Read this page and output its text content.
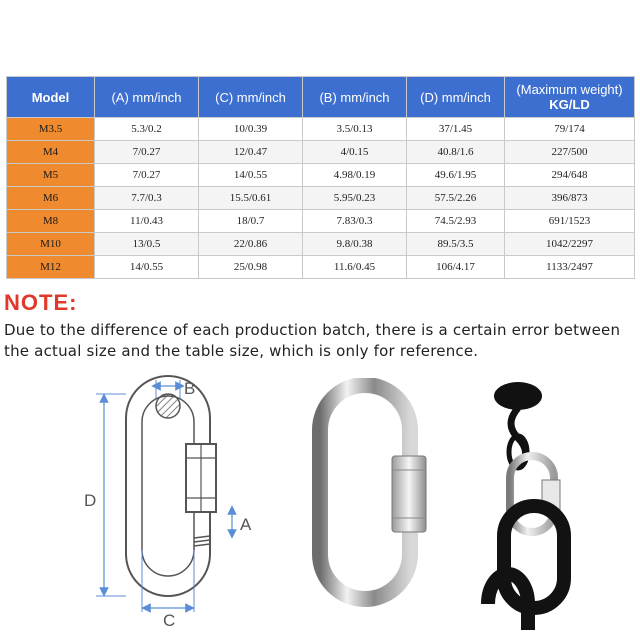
Model	(A) mm/inch	(C) mm/inch	(B) mm/inch	(D) mm/inch	(Maximum weight)
KG/LD

M3.5	5.3/0.2	10/0.39	3.5/0.13	37/1.45	79/174
M4	7/0.27	12/0.47	4/0.15	40.8/1.6	227/500
M5	7/0.27	14/0.55	4.98/0.19	49.6/1.95	294/648
M6	7.7/0.3	15.5/0.61	5.95/0.23	57.5/2.26	396/873
M8	11/0.43	18/0.7	7.83/0.3	74.5/2.93	691/1523
M10	13/0.5	22/0.86	9.8/0.38	89.5/3.5	1042/2297
M12	14/0.55	25/0.98	11.6/0.45	106/4.17	1133/2497
NOTE:

Due to the difference of each production batch, there is a certain error between the actual size and the table size, which is only for reference.

A
B
D
C
